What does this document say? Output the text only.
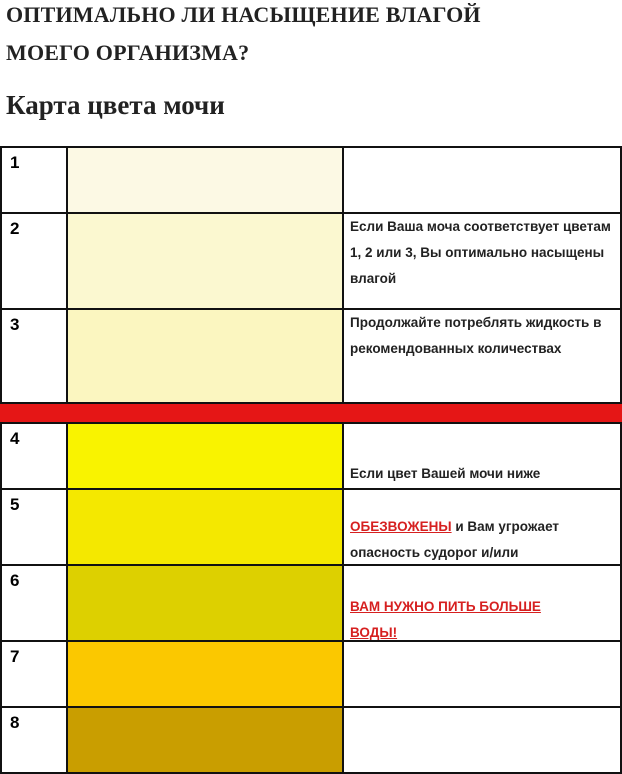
ОПТИМАЛЬНО ЛИ НАСЫЩЕНИЕ ВЛАГОЙ
МОЕГО ОРГАНИЗМА?
Карта цвета мочи
1
2
3
4
5
6
7
8
Если Ваша моча соответствует цветам 1, 2 или 3, Вы оптимально насыщены влагой
Продолжайте потреблять жидкость в рекомендованных количествах
Если цвет Вашей мочи ниже
ОБЕЗВОЖЕНЫ и Вам угрожает опасность судорог и/или
ВАМ НУЖНО ПИТЬ БОЛЬШЕ ВОДЫ!
